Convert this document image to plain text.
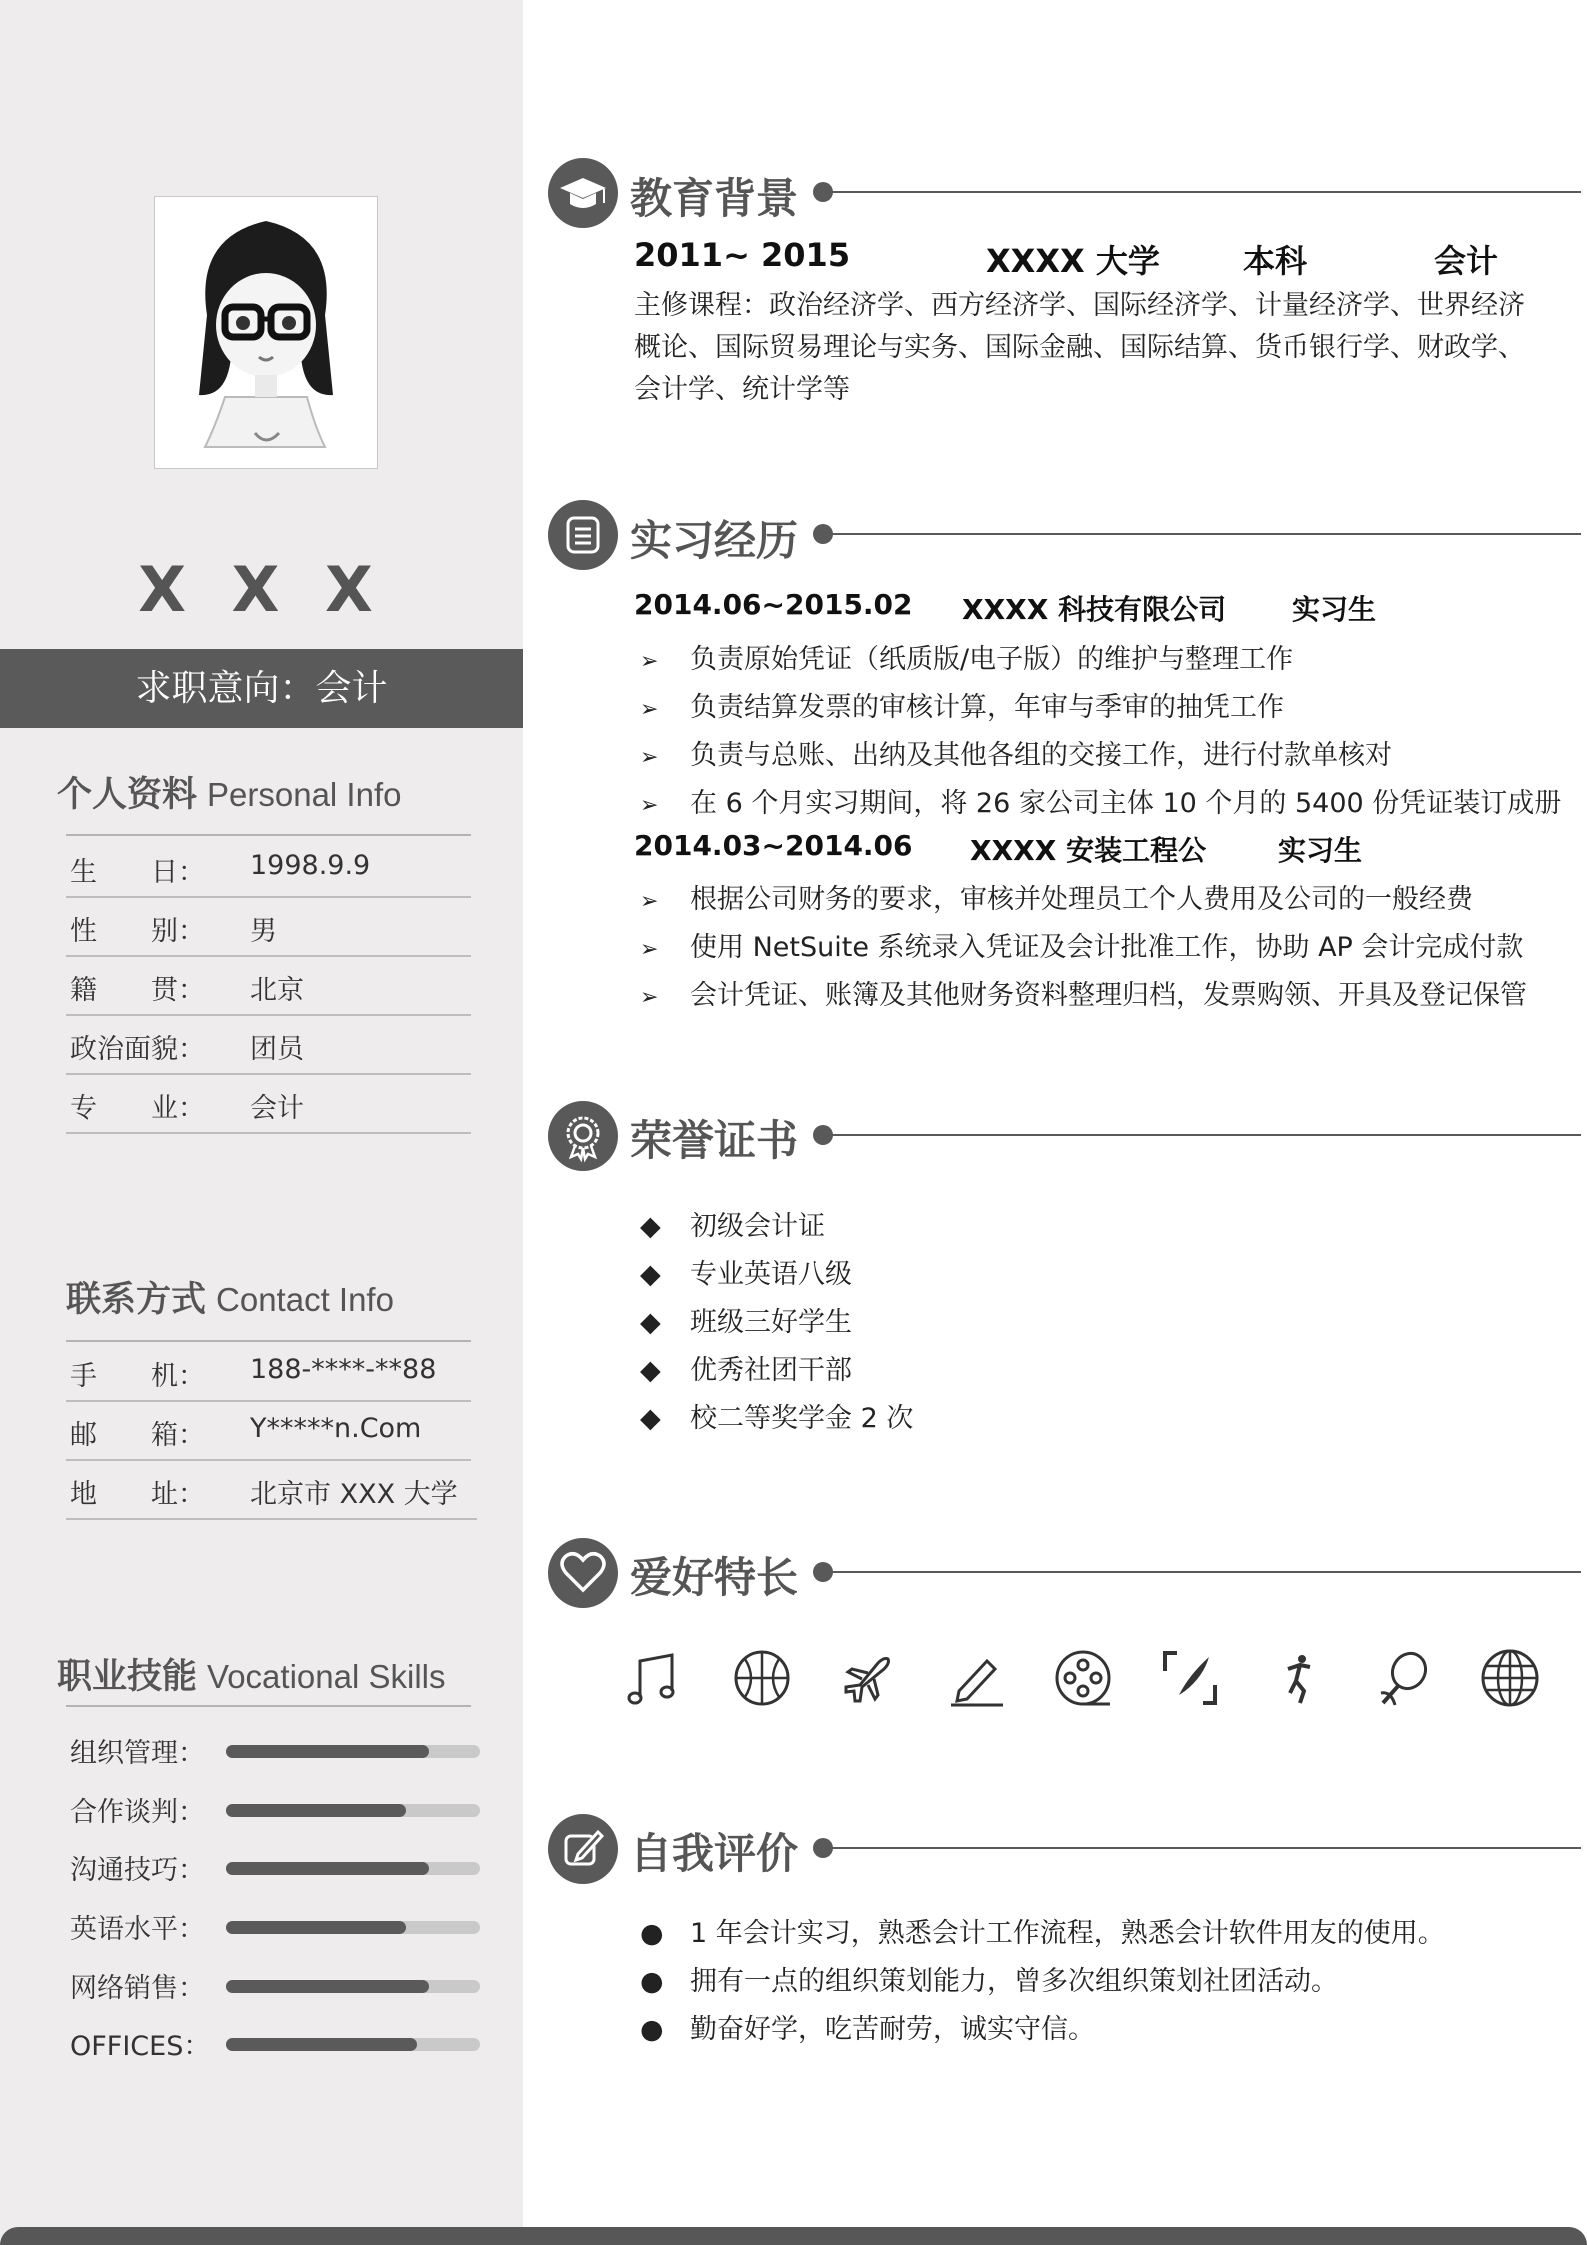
X X X
求职意向：会计
个人资料 Personal Info
生　　日： 1998.9.9
性　　别： 男
籍　　贯： 北京
政治面貌： 团员
专　　业： 会计
联系方式 Contact Info
手　　机： 188-****-**88
邮　　箱： Y*****n.Com
地　　址： 北京市 XXX 大学
职业技能 Vocational Skills
组织管理：
合作谈判：
沟通技巧：
英语水平：
网络销售：
OFFICES：
教育背景
2011~ 2015	XXXX 大学	本科	会计
主修课程：政治经济学、西方经济学、国际经济学、计量经济学、世界经济概论、国际贸易理论与实务、国际金融、国际结算、货币银行学、财政学、会计学、统计学等
实习经历
2014.06~2015.02 XXXX 科技有限公司 实习生
➢ 负责原始凭证（纸质版/电子版）的维护与整理工作
➢ 负责结算发票的审核计算，年审与季审的抽凭工作
➢ 负责与总账、出纳及其他各组的交接工作，进行付款单核对
➢ 在 6 个月实习期间，将 26 家公司主体 10 个月的 5400 份凭证装订成册
2014.03~2014.06 XXXX 安装工程公	实习生
➢ 根据公司财务的要求，审核并处理员工个人费用及公司的一般经费
➢ 使用 NetSuite 系统录入凭证及会计批准工作，协助 AP 会计完成付款
➢ 会计凭证、账簿及其他财务资料整理归档，发票购领、开具及登记保管
荣誉证书
◆ 初级会计证
◆ 专业英语八级
◆ 班级三好学生
◆ 优秀社团干部
◆ 校二等奖学金 2 次
爱好特长
自我评价
● 1 年会计实习，熟悉会计工作流程，熟悉会计软件用友的使用。
● 拥有一点的组织策划能力，曾多次组织策划社团活动。
● 勤奋好学，吃苦耐劳，诚实守信。
